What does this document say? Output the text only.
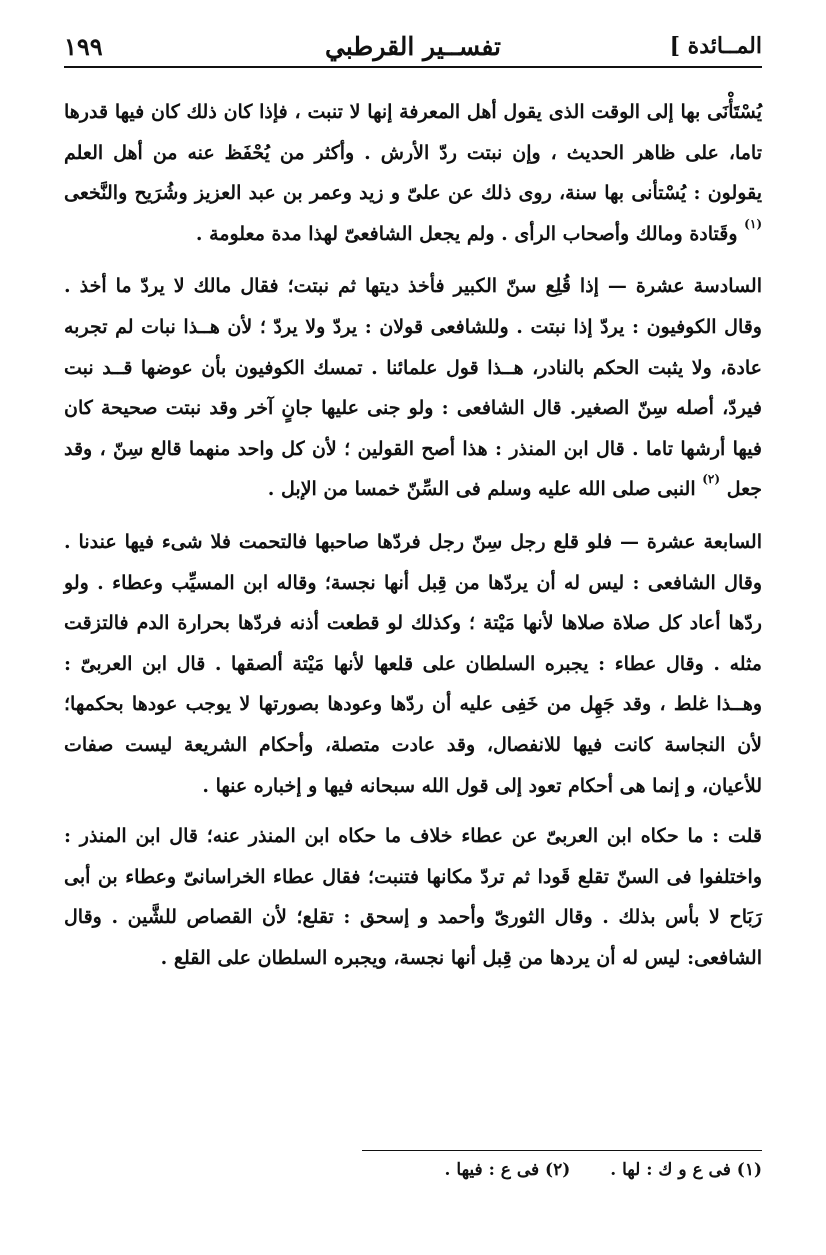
المــائدة ]
تفســير القرطبي
١٩٩

يُسْتَأْنَى بها إلى الوقت الذى يقول أهل المعرفة إنها لا تنبت ، فإذا كان ذلك كان فيها قدرها تاما، على ظاهر الحديث ، وإن نبتت ردّ الأرش . وأكثر من يُحْفَظ عنه من أهل العلم يقولون : يُسْتأنى بها سنة، روى ذلك عن علىّ و زيد وعمر بن عبد العزيز وشُرَيح والنَّخعى $^{(١)}$ وقَتادة ومالك وأصحاب الرأى . ولم يجعل الشافعىّ لهذا مدة معلومة .

السادسة عشرة — إذا قُلِع سنّ الكبير فأخذ ديتها ثم نبتت؛ فقال مالك لا يردّ ما أخذ . وقال الكوفيون : يردّ إذا نبتت . وللشافعى قولان : يردّ ولا يردّ ؛ لأن هــذا نبات لم تجربه عادة، ولا يثبت الحكم بالنادر، هــذا قول علمائنا . تمسك الكوفيون بأن عوضها قــد نبت فيردّ، أصله سِنّ الصغير. قال الشافعى : ولو جنى عليها جانٍ آخر وقد نبتت صحيحة كان فيها أرشها تاما . قال ابن المنذر : هذا أصح القولين ؛ لأن كل واحد منهما قالع سِنّ ، وقد جعل $^{(٢)}$ النبى صلى الله عليه وسلم فى السِّنّ خمسا من الإبل .

السابعة عشرة — فلو قلع رجل سِنّ رجل فردّها صاحبها فالتحمت فلا شىء فيها عندنا . وقال الشافعى : ليس له أن يردّها من قِبل أنها نجسة؛ وقاله ابن المسيِّب وعطاء . ولو ردّها أعاد كل صلاة صلاها لأنها مَيْتة ؛ وكذلك لو قطعت أذنه فردّها بحرارة الدم فالتزقت مثله . وقال عطاء : يجبره السلطان على قلعها لأنها مَيْتة ألصقها . قال ابن العربىّ : وهــذا غلط ، وقد جَهِل من خَفِى عليه أن ردّها وعودها بصورتها لا يوجب عودها بحكمها؛ لأن النجاسة كانت فيها للانفصال، وقد عادت متصلة، وأحكام الشريعة ليست صفات للأعيان، و إنما هى أحكام تعود إلى قول الله سبحانه فيها و إخباره عنها .

قلت : ما حكاه ابن العربىّ عن عطاء خلاف ما حكاه ابن المنذر عنه؛ قال ابن المنذر : واختلفوا فى السنّ تقلع قَودا ثم تردّ مكانها فتنبت؛ فقال عطاء الخراسانىّ وعطاء بن أبى رَبَاح لا بأس بذلك . وقال الثورىّ وأحمد و إسحق : تقلع؛ لأن القصاص للشَّين . وقال الشافعى: ليس له أن يردها من قِبل أنها نجسة، ويجبره السلطان على القلع .

(١) فى ع و ك : لها .
(٢) فى ع : فيها .
